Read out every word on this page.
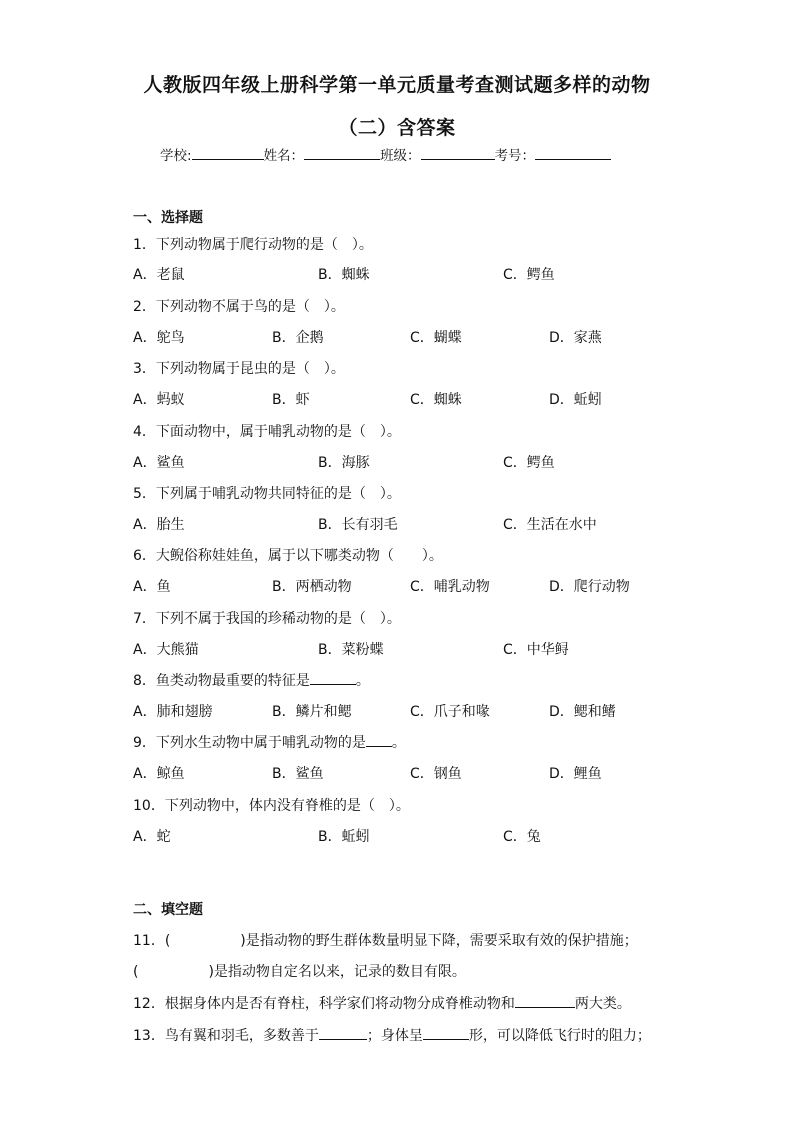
人教版四年级上册科学第一单元质量考查测试题多样的动物
（二）含答案
学校:	姓名：	班级：	考号：
一、选择题
1．下列动物属于爬行动物的是（　）。
A．老鼠	B．蜘蛛	C．鳄鱼
2．下列动物不属于鸟的是（　）。
A．鸵鸟	B．企鹅	C．蝴蝶	D．家燕
3．下列动物属于昆虫的是（　）。
A．蚂蚁	B．虾	C．蜘蛛	D．蚯蚓
4．下面动物中，属于哺乳动物的是（　）。
A．鲨鱼	B．海豚	C．鳄鱼
5．下列属于哺乳动物共同特征的是（　）。
A．胎生	B．长有羽毛	C．生活在水中
6．大鲵俗称娃娃鱼，属于以下哪类动物（　　）。
A．鱼	B．两栖动物	C．哺乳动物	D．爬行动物
7．下列不属于我国的珍稀动物的是（　）。
A．大熊猫	B．菜粉蝶	C．中华鲟
8．鱼类动物最重要的特征是	。
A．肺和翅膀	B．鳞片和鳃	C．爪子和喙	D．鳃和鳍
9．下列水生动物中属于哺乳动物的是 。
A．鲸鱼	B．鲨鱼	C．钢鱼	D．鲤鱼
10．下列动物中，体内没有脊椎的是（　）。
A．蛇	B．蚯蚓	C．兔
二、填空题
11．(　　　　　)是指动物的野生群体数量明显下降，需要采取有效的保护措施；
(　　　　　)是指动物自定名以来，记录的数目有限。
12．根据身体内是否有脊柱，科学家们将动物分成脊椎动物和	两大类。
13．鸟有翼和羽毛，多数善于	；身体呈	形，可以降低飞行时的阻力；
